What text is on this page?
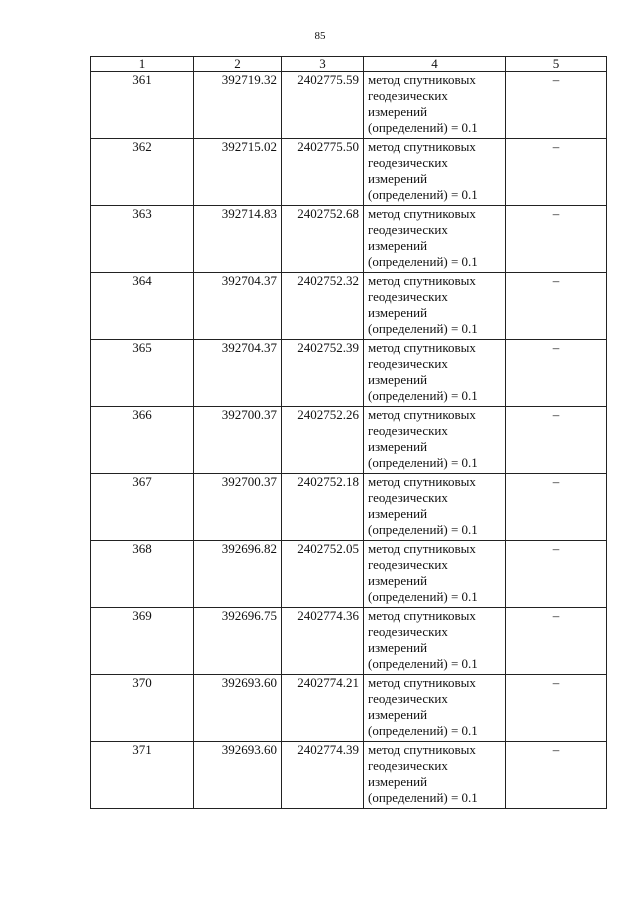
85
1	2	3	4	5
361	392719.32	2402775.59	метод спутниковых геодезических измерений (определений) = 0.1	–
362	392715.02	2402775.50	метод спутниковых геодезических измерений (определений) = 0.1	–
363	392714.83	2402752.68	метод спутниковых геодезических измерений (определений) = 0.1	–
364	392704.37	2402752.32	метод спутниковых геодезических измерений (определений) = 0.1	–
365	392704.37	2402752.39	метод спутниковых геодезических измерений (определений) = 0.1	–
366	392700.37	2402752.26	метод спутниковых геодезических измерений (определений) = 0.1	–
367	392700.37	2402752.18	метод спутниковых геодезических измерений (определений) = 0.1	–
368	392696.82	2402752.05	метод спутниковых геодезических измерений (определений) = 0.1	–
369	392696.75	2402774.36	метод спутниковых геодезических измерений (определений) = 0.1	–
370	392693.60	2402774.21	метод спутниковых геодезических измерений (определений) = 0.1	–
371	392693.60	2402774.39	метод спутниковых геодезических измерений (определений) = 0.1	–
